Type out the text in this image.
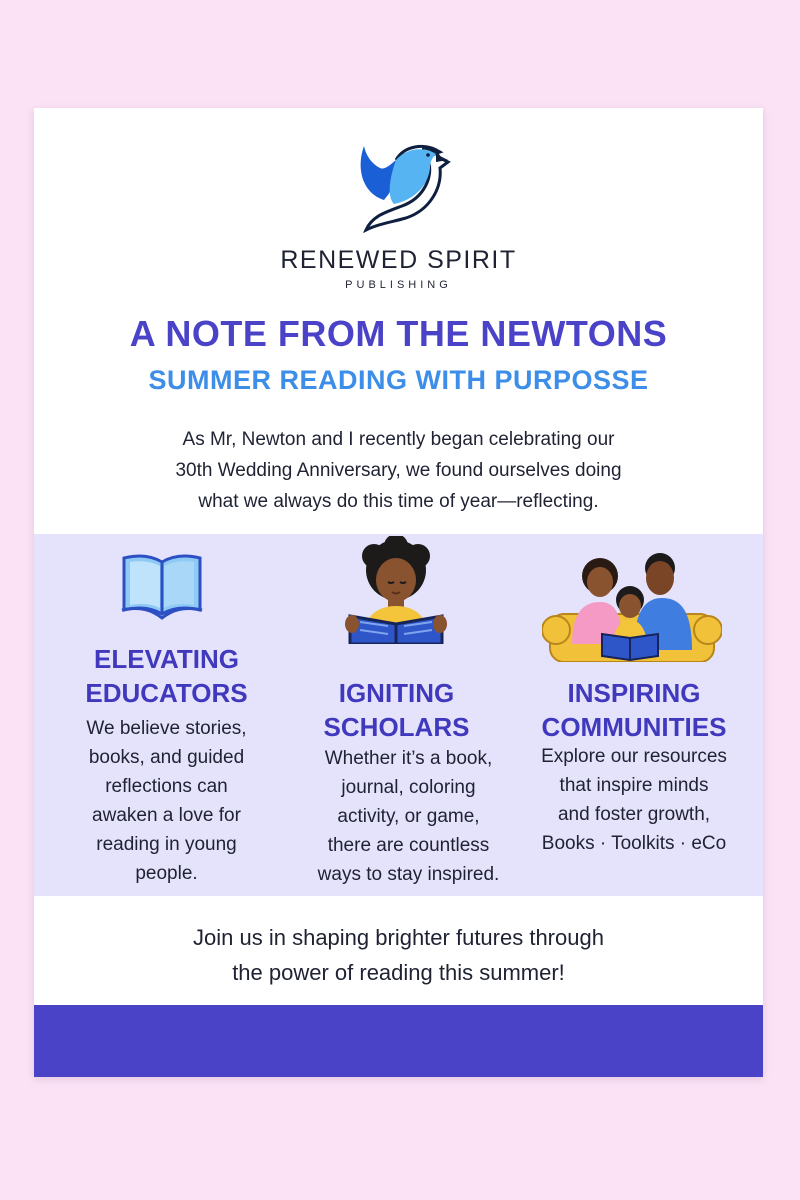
RENEWED SPIRIT
PUBLISHING
A NOTE FROM THE NEWTONS
SUMMER READING WITH PURPOSSE
As Mr, Newton and I recently began celebrating our
30th Wedding Anniversary, we found ourselves doing
what we always do this time of year—reflecting.
ELEVATING
EDUCATORS
We believe stories,
books, and guided
reflections can
awaken a love for
reading in young
people.
IGNITING
SCHOLARS
Whether it’s a book,
journal, coloring
activity, or game,
there are countless
ways to stay inspired.
INSPIRING
COMMUNITIES
Explore our resources
that inspire minds
and foster growth,
Books · Toolkits · eCo
Join us in shaping brighter futures through
the power of reading this summer!
